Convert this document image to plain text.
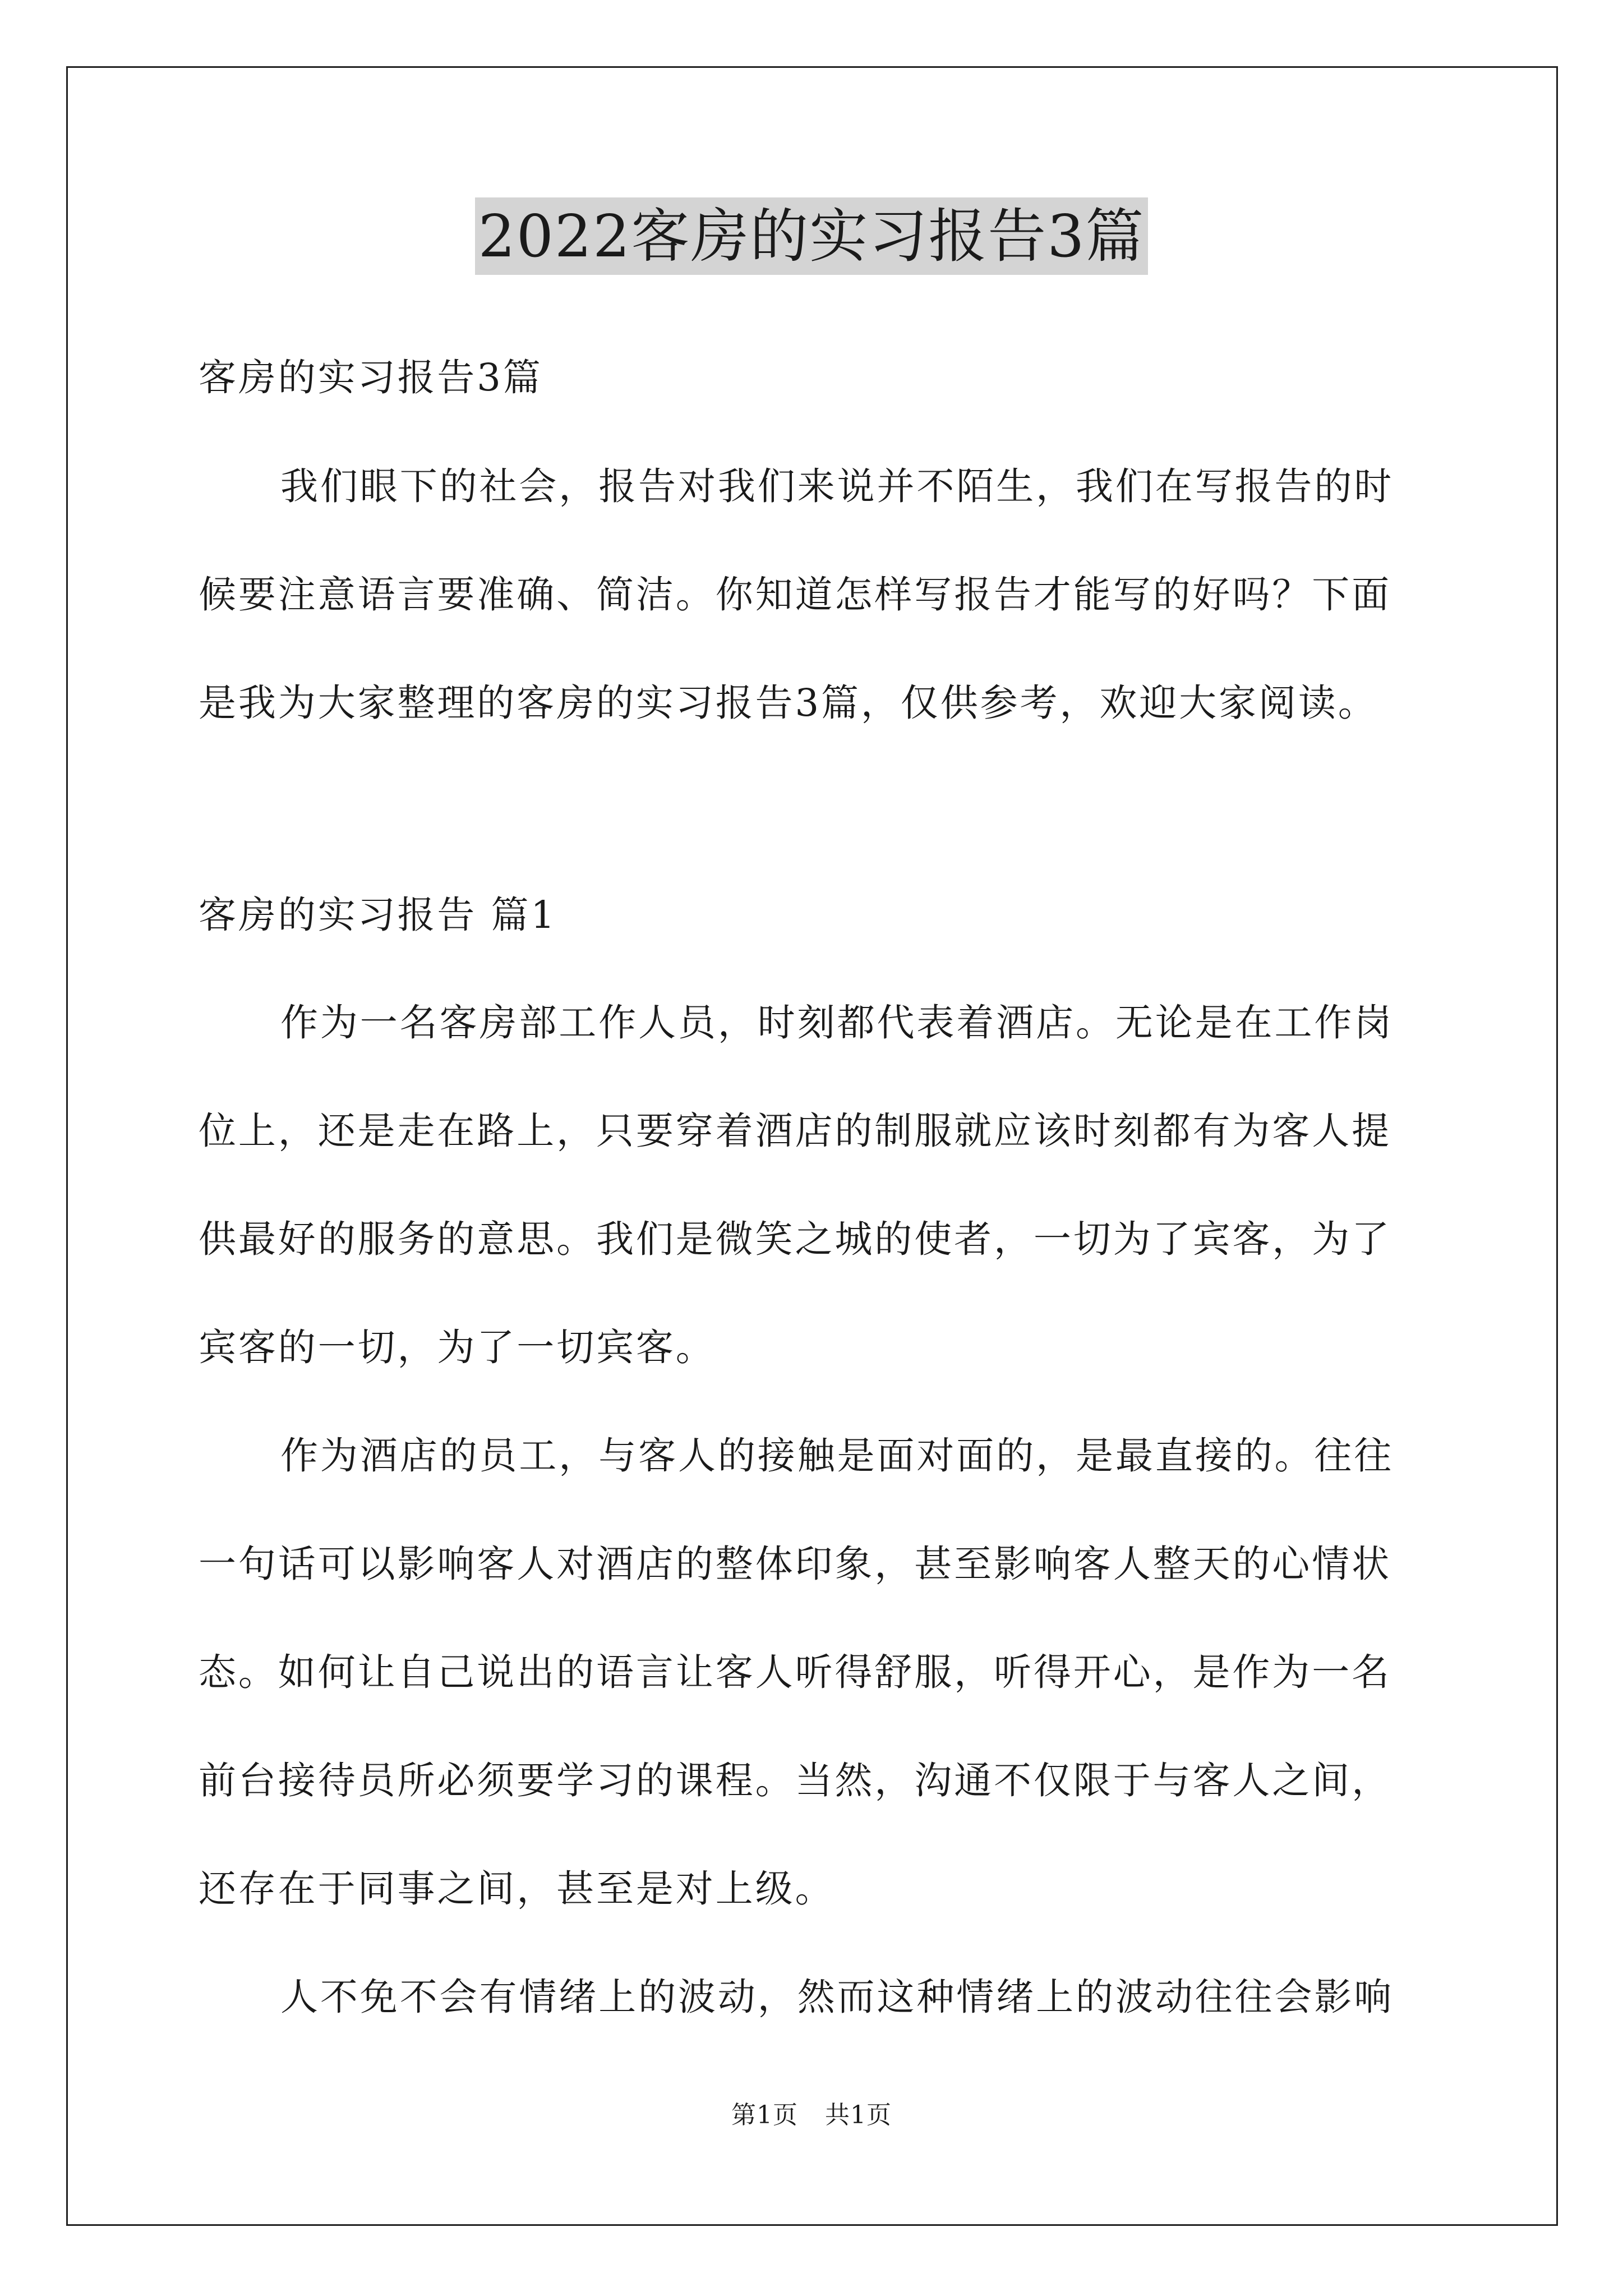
2022客房的实习报告3篇

客房的实习报告3篇

我们眼下的社会，报告对我们来说并不陌生，我们在写报告的时

候要注意语言要准确、简洁。你知道怎样写报告才能写的好吗？下面

是我为大家整理的客房的实习报告3篇，仅供参考，欢迎大家阅读。

客房的实习报告 篇1

作为一名客房部工作人员，时刻都代表着酒店。无论是在工作岗

位上，还是走在路上，只要穿着酒店的制服就应该时刻都有为客人提

供最好的服务的意思。我们是微笑之城的使者，一切为了宾客，为了

宾客的一切，为了一切宾客。

作为酒店的员工，与客人的接触是面对面的，是最直接的。往往

一句话可以影响客人对酒店的整体印象，甚至影响客人整天的心情状

态。如何让自己说出的语言让客人听得舒服，听得开心，是作为一名

前台接待员所必须要学习的课程。当然，沟通不仅限于与客人之间，

还存在于同事之间，甚至是对上级。

人不免不会有情绪上的波动，然而这种情绪上的波动往往会影响

第1页 共1页
